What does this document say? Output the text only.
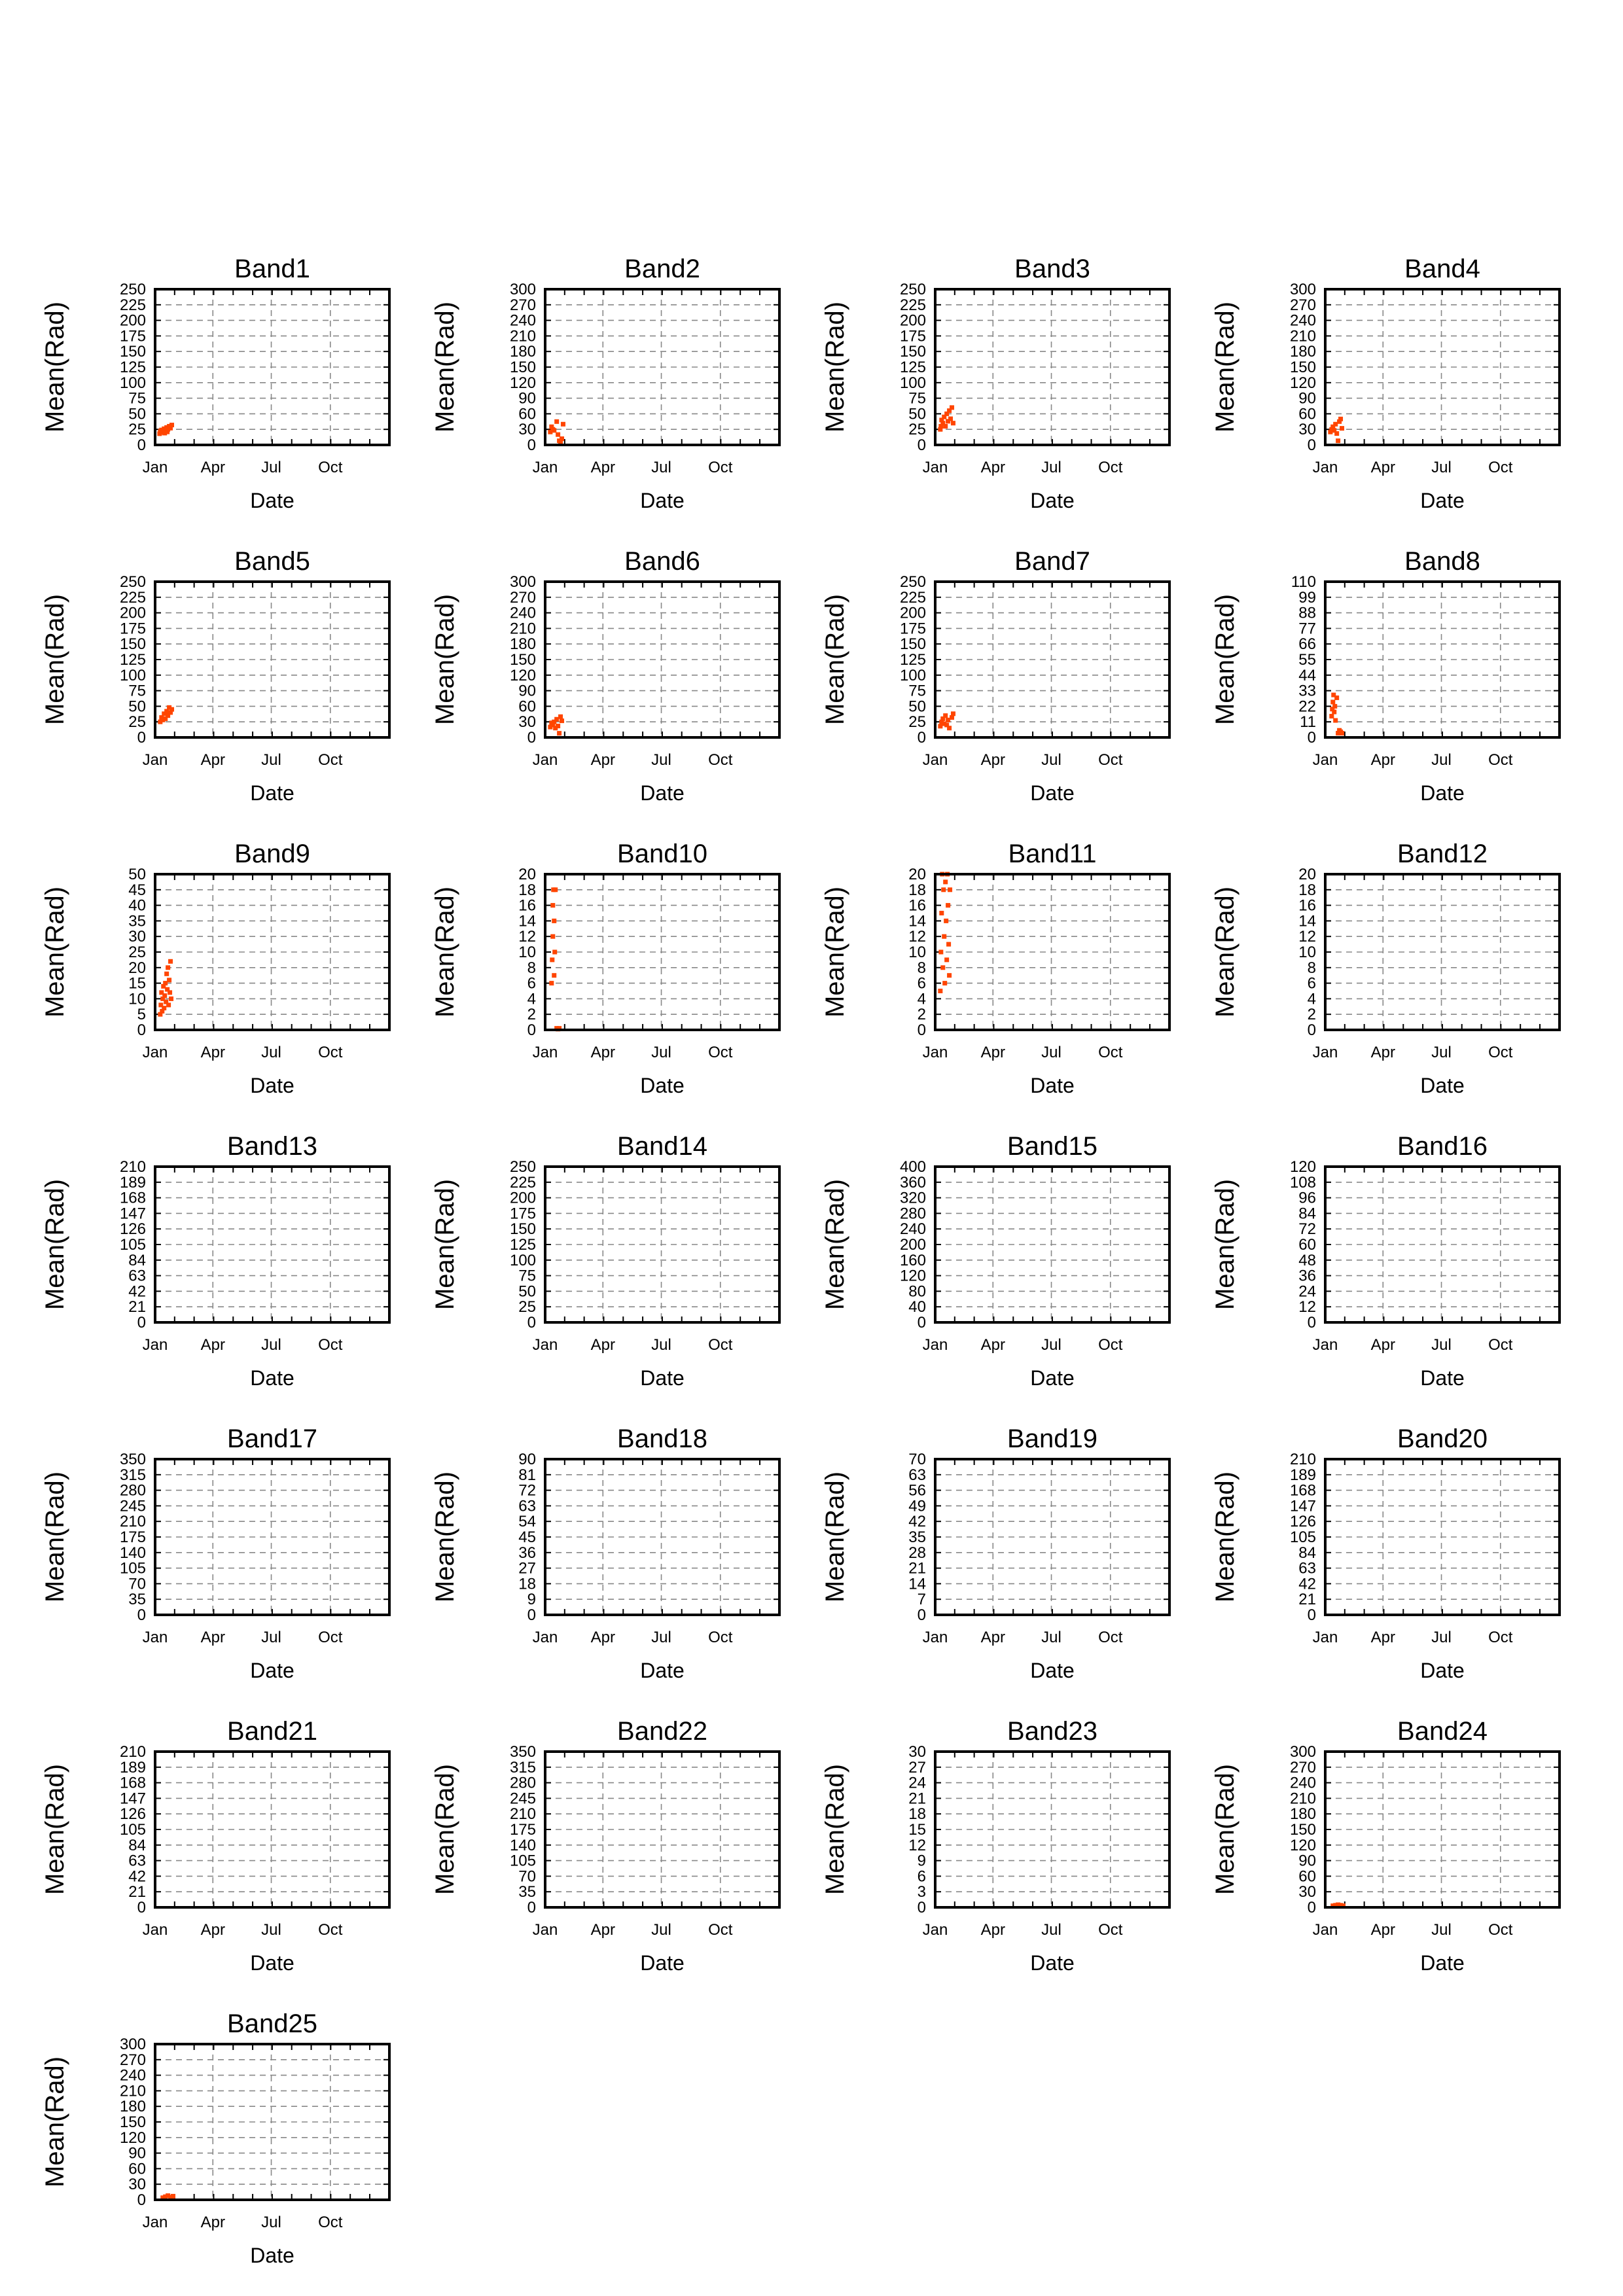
0
25
50
75
100
125
150
175
200
225
250
Jan Apr Jul Oct
Band1
Date
Mean(Rad)
0
30
60
90
120
150
180
210
240
270
300
Jan Apr Jul Oct
Band2
Date
Mean(Rad)
0
25
50
75
100
125
150
175
200
225
250
Jan Apr Jul Oct
Band3
Date
Mean(Rad)
0
30
60
90
120
150
180
210
240
270
300
Jan Apr Jul Oct
Band4
Date
Mean(Rad)
0
25
50
75
100
125
150
175
200
225
250
Jan Apr Jul Oct
Band5
Date
Mean(Rad)
0
30
60
90
120
150
180
210
240
270
300
Jan Apr Jul Oct
Band6
Date
Mean(Rad)
0
25
50
75
100
125
150
175
200
225
250
Jan Apr Jul Oct
Band7
Date
Mean(Rad)
0
11
22
33
44
55
66
77
88
99
110
Jan Apr Jul Oct
Band8
Date
Mean(Rad)
0
5
10
15
20
25
30
35
40
45
50
Jan Apr Jul Oct
Band9
Date
Mean(Rad)
0
2
4
6
8
10
12
14
16
18
20
Jan Apr Jul Oct
Band10
Date
Mean(Rad)
0
2
4
6
8
10
12
14
16
18
20
Jan Apr Jul Oct
Band11
Date
Mean(Rad)
0
2
4
6
8
10
12
14
16
18
20
Jan Apr Jul Oct
Band12
Date
Mean(Rad)
0
21
42
63
84
105
126
147
168
189
210
Jan Apr Jul Oct
Band13
Date
Mean(Rad)
0
25
50
75
100
125
150
175
200
225
250
Jan Apr Jul Oct
Band14
Date
Mean(Rad)
0
40
80
120
160
200
240
280
320
360
400
Jan Apr Jul Oct
Band15
Date
Mean(Rad)
0
12
24
36
48
60
72
84
96
108
120
Jan Apr Jul Oct
Band16
Date
Mean(Rad)
0
35
70
105
140
175
210
245
280
315
350
Jan Apr Jul Oct
Band17
Date
Mean(Rad)
0
9
18
27
36
45
54
63
72
81
90
Jan Apr Jul Oct
Band18
Date
Mean(Rad)
0
7
14
21
28
35
42
49
56
63
70
Jan Apr Jul Oct
Band19
Date
Mean(Rad)
0
21
42
63
84
105
126
147
168
189
210
Jan Apr Jul Oct
Band20
Date
Mean(Rad)
0
21
42
63
84
105
126
147
168
189
210
Jan Apr Jul Oct
Band21
Date
Mean(Rad)
0
35
70
105
140
175
210
245
280
315
350
Jan Apr Jul Oct
Band22
Date
Mean(Rad)
0
3
6
9
12
15
18
21
24
27
30
Jan Apr Jul Oct
Band23
Date
Mean(Rad)
0
30
60
90
120
150
180
210
240
270
300
Jan Apr Jul Oct
Band24
Date
Mean(Rad)
0
30
60
90
120
150
180
210
240
270
300
Jan Apr Jul Oct
Band25
Date
Mean(Rad)
